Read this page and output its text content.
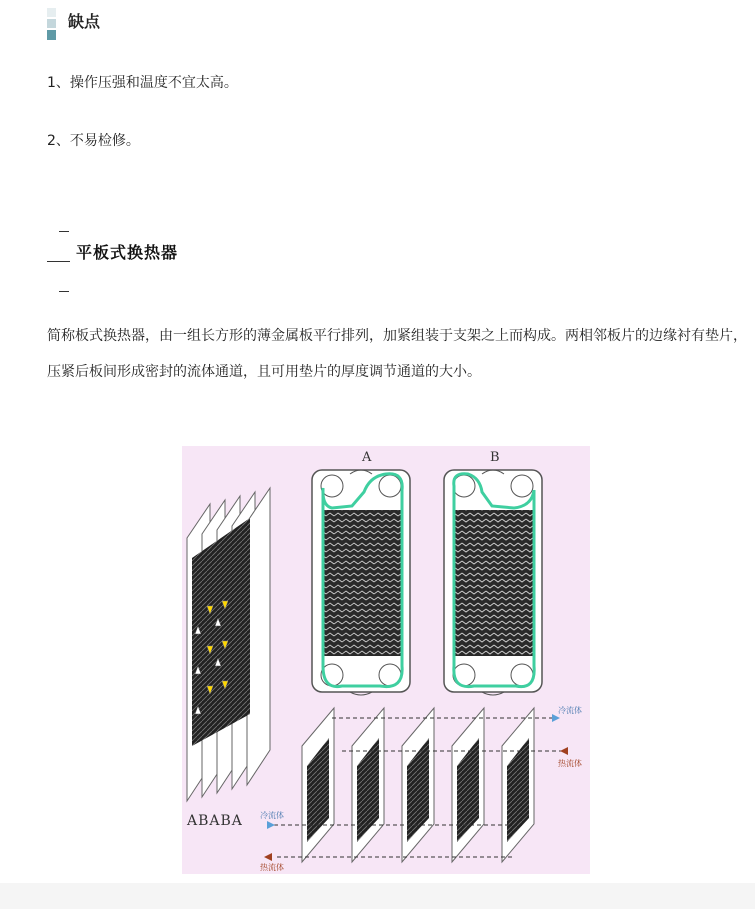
缺点
1、操作压强和温度不宜太高。
2、不易检修。
平板式换热器
简称板式换热器，由一组长方形的薄金属板平行排列，加紧组装于支架之上而构成。两相邻板片的边缘衬有垫片，压紧后板间形成密封的流体通道，且可用垫片的厚度调节通道的大小。
A	B
ABABA
冷流体
热流体
冷流体
热流体
